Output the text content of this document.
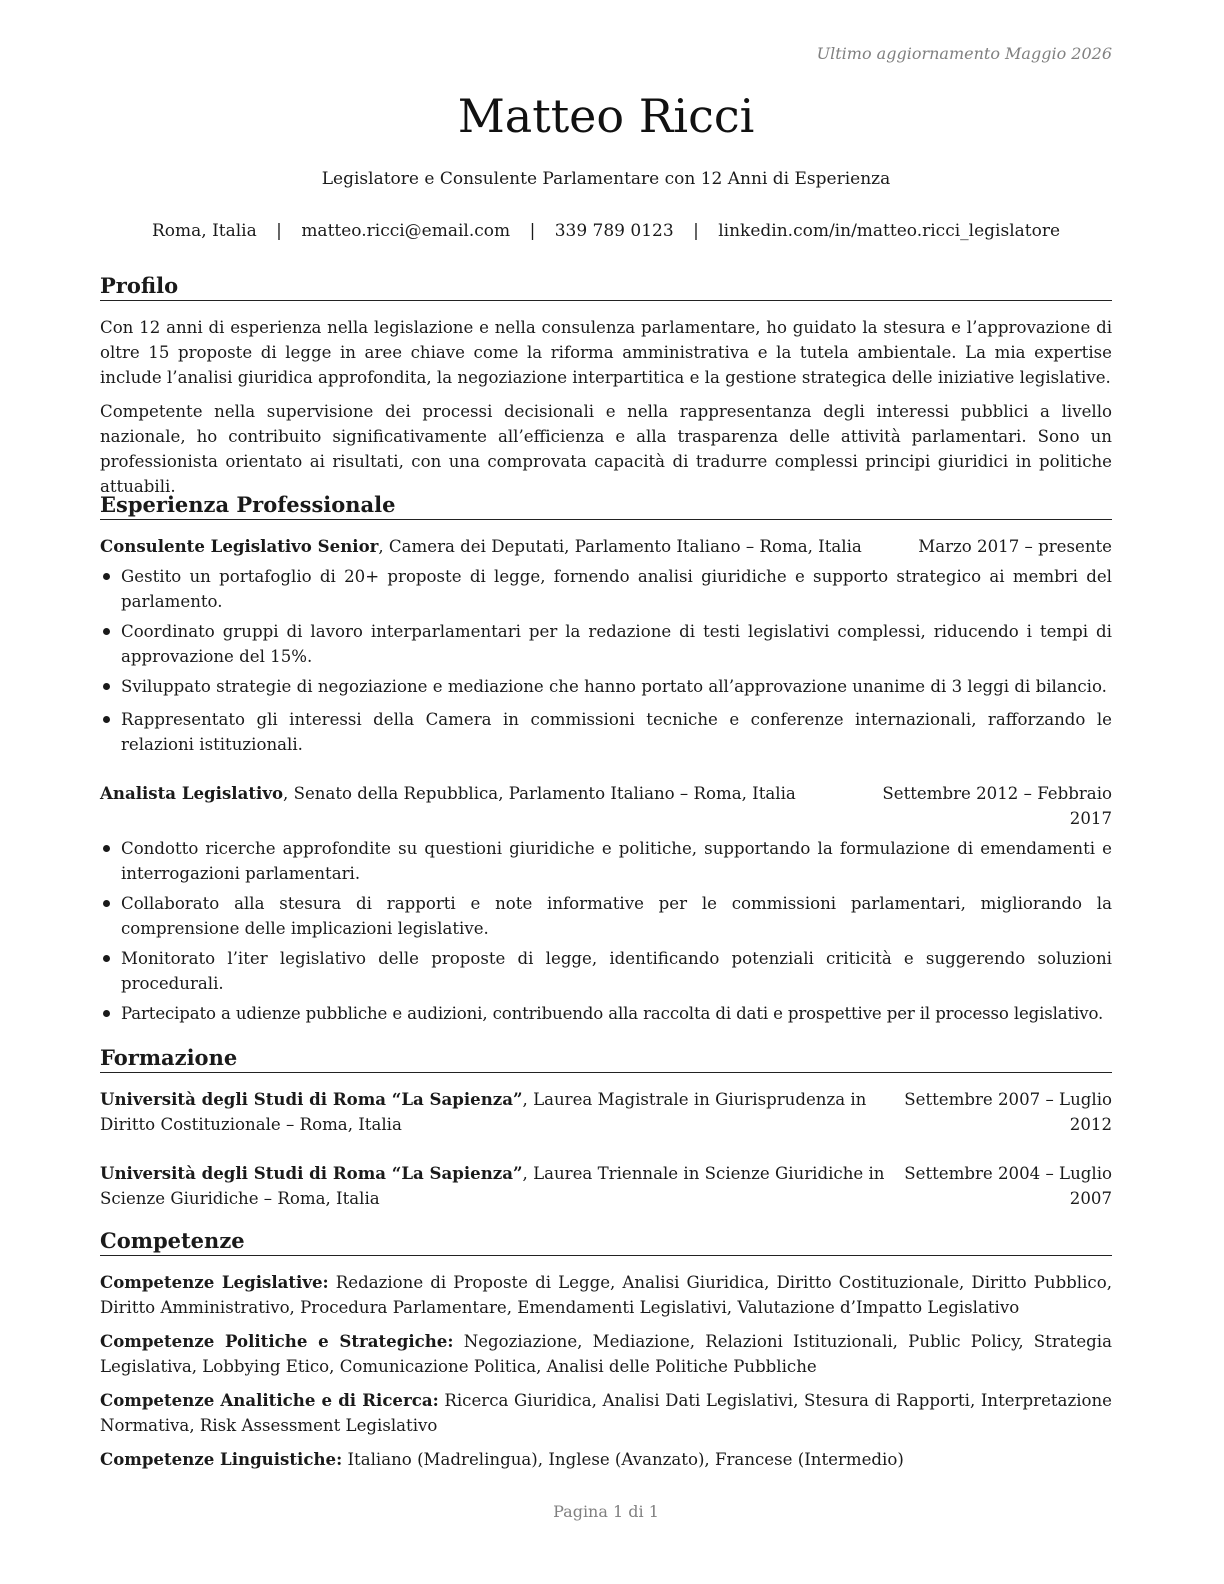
Ultimo aggiornamento Maggio 2026
Matteo Ricci
Legislatore e Consulente Parlamentare con 12 Anni di Esperienza
Roma, Italia | matteo.ricci@email.com | 339 789 0123 | linkedin.com/in/matteo.ricci_legislatore
Profilo

Con 12 anni di esperienza nella legislazione e nella consulenza parlamentare, ho guidato la stesura e l’approvazione di oltre 15 proposte di legge in aree chiave come la riforma amministrativa e la tutela ambientale. La mia expertise include l’analisi giuridica approfondita, la negoziazione interpartitica e la gestione strategica delle iniziative legislative.

Competente nella supervisione dei processi decisionali e nella rappresentanza degli interessi pubblici a livello nazionale, ho contribuito significativamente all’efficienza e alla trasparenza delle attività parlamentari. Sono un professionista orientato ai risultati, con una comprovata capacità di tradurre complessi principi giuridici in politiche attuabili.

Esperienza Professionale
Consulente Legislativo Senior, Camera dei Deputati, Parlamento Italiano – Roma, Italia	Marzo 2017 – presente
Gestito un portafoglio di 20+ proposte di legge, fornendo analisi giuridiche e supporto strategico ai membri del parlamento.
Coordinato gruppi di lavoro interparlamentari per la redazione di testi legislativi complessi, riducendo i tempi di approvazione del 15%.
Sviluppato strategie di negoziazione e mediazione che hanno portato all’approvazione unanime di 3 leggi di bilancio.
Rappresentato gli interessi della Camera in commissioni tecniche e conferenze internazionali, rafforzando le relazioni istituzionali.
Analista Legislativo, Senato della Repubblica, Parlamento Italiano – Roma, Italia	Settembre 2012 – Febbraio
2017
Condotto ricerche approfondite su questioni giuridiche e politiche, supportando la formulazione di emendamenti e interrogazioni parlamentari.
Collaborato alla stesura di rapporti e note informative per le commissioni parlamentari, migliorando la comprensione delle implicazioni legislative.
Monitorato l’iter legislativo delle proposte di legge, identificando potenziali criticità e suggerendo soluzioni procedurali.
Partecipato a udienze pubbliche e audizioni, contribuendo alla raccolta di dati e prospettive per il processo legislativo.
Formazione
Università degli Studi di Roma “La Sapienza”, Laurea Magistrale in Giurisprudenza in
Diritto Costituzionale – Roma, Italia
Settembre 2007 – Luglio
2012
Università degli Studi di Roma “La Sapienza”, Laurea Triennale in Scienze Giuridiche in
Scienze Giuridiche – Roma, Italia
Settembre 2004 – Luglio
2007
Competenze
Competenze Legislative: Redazione di Proposte di Legge, Analisi Giuridica, Diritto Costituzionale, Diritto Pubblico, Diritto Amministrativo, Procedura Parlamentare, Emendamenti Legislativi, Valutazione d’Impatto Legislativo
Competenze Politiche e Strategiche: Negoziazione, Mediazione, Relazioni Istituzionali, Public Policy, Strategia Legislativa, Lobbying Etico, Comunicazione Politica, Analisi delle Politiche Pubbliche
Competenze Analitiche e di Ricerca: Ricerca Giuridica, Analisi Dati Legislativi, Stesura di Rapporti, Interpretazione Normativa, Risk Assessment Legislativo
Competenze Linguistiche: Italiano (Madrelingua), Inglese (Avanzato), Francese (Intermedio)
Pagina 1 di 1
